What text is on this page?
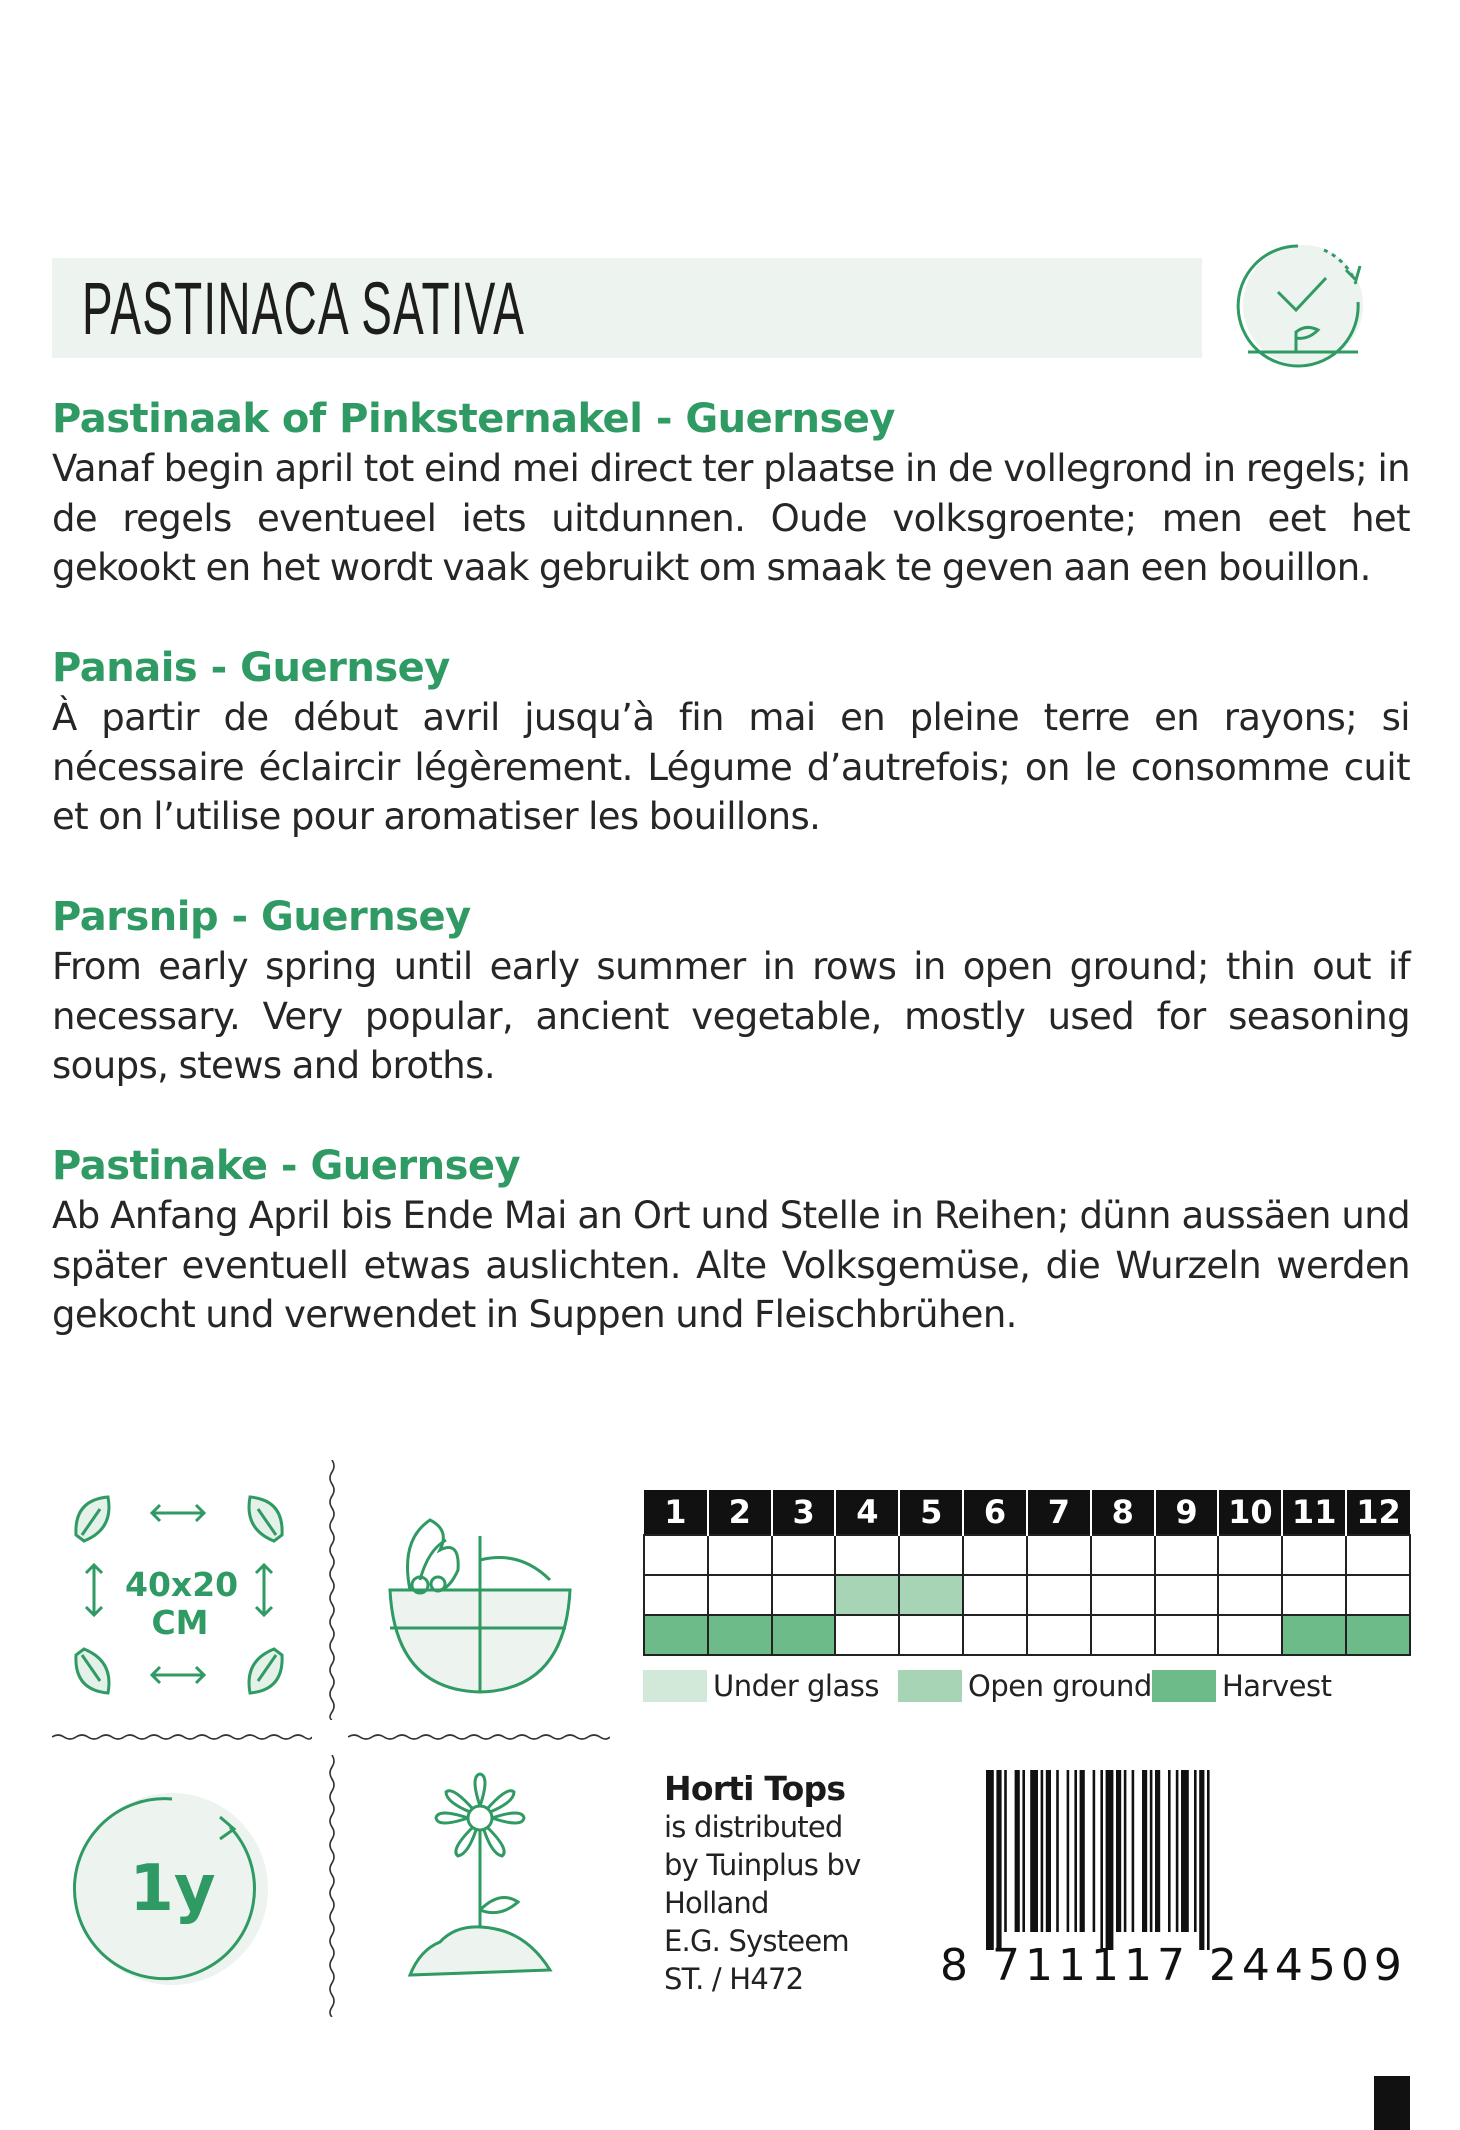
PASTINACA SATIVA
Pastinaak of Pinksternakel - Guernsey

Vanaf begin april tot eind mei direct ter plaatse in de vollegrond in regels; in de regels eventueel iets uitdunnen. Oude volksgroente; men eet het gekookt en het wordt vaak gebruikt om smaak te geven aan een bouillon.

Panais - Guernsey

À partir de début avril jusqu’à fin mai en pleine terre en rayons; si nécessaire éclaircir légèrement. Légume d’autrefois; on le consomme cuit et on l’utilise pour aromatiser les bouillons.

Parsnip - Guernsey

From early spring until early summer in rows in open ground; thin out if necessary. Very popular, ancient vegetable, mostly used for seasoning soups, stews and broths.

Pastinake - Guernsey

Ab Anfang April bis Ende Mai an Ort und Stelle in Reihen; dünn aussäen und später eventuell etwas auslichten. Alte Volksgemüse, die Wurzeln werden gekocht und verwendet in Suppen und Fleischbrühen.

40x20
CM
1y
1	2	3	4	5	6	7	8	9	10	11	12

Under glass	Open ground Harvest
Horti Tops
is distributed
by Tuinplus bv
Holland
E.G. Systeem
ST. / H472	8 711117 244509
